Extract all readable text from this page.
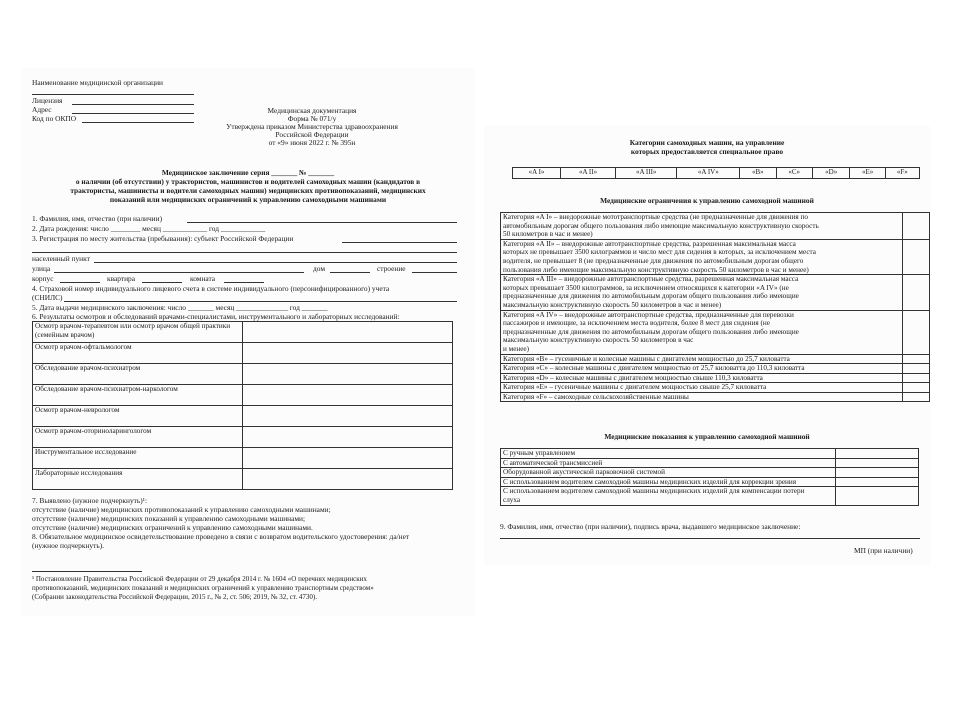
Наименование медицинской организации
Лицензия
Адрес
Код по ОКПО
Медицинская документация
Форма № 071/у
Утверждена приказом Министерства здравоохранения
Российской Федерации
от «9» июня 2022 г. № 395н
Медицинское заключение серия _______ № _______
о наличии (об отсутствии) у трактористов, машинистов и водителей самоходных машин (кандидатов в
трактористы, машинисты и водители самоходных машин) медицинских противопоказаний, медицинских
показаний или медицинских ограничений к управлению самоходными машинами
1. Фамилия, имя, отчество (при наличии)
2. Дата рождения: число ________ месяц ____________ год ____________
3. Регистрация по месту жительства (пребывания): субъект Российской Федерации
населенный пункт
улица	дом	строение
корпус	квартира	комната
4. Страховой номер индивидуального лицевого счета в системе индивидуального (персонифицированного) учета
(СНИЛС)
5. Дата выдачи медицинского заключения: число _______ месяц ______________ год _______
6. Результаты осмотров и обследований врачами-специалистами, инструментального и лабораторных исследований:
Осмотр врачом-терапевтом или осмотр врачом общей практики (семейным врачом)	
Осмотр врачом-офтальмологом	
Обследование врачом-психиатром	
Обследование врачом-психиатром-наркологом	
Осмотр врачом-неврологом	
Осмотр врачом-оториноларингологом	
Инструментальное исследование	
Лабораторные исследования	
7. Выявлено (нужное подчеркнуть)¹:
отсутствие (наличие) медицинских противопоказаний к управлению самоходными машинами;
отсутствие (наличие) медицинских показаний к управлению самоходными машинами;
отсутствие (наличие) медицинских ограничений к управлению самоходными машинами.
8. Обязательное медицинское освидетельствование проведено в связи с возвратом водительского удостоверения: да/нет
(нужное подчеркнуть).
¹ Постановление Правительства Российской Федерации от 29 декабря 2014 г. № 1604 «О перечнях медицинских
противопоказаний, медицинских показаний и медицинских ограничений к управлению транспортным средством»
(Собрании законодательства Российской Федерации, 2015 г., № 2, ст. 506; 2019, № 32, ст. 4730).
Категории самоходных машин, на управление
которых предоставляется специальное право
«A I»	«A II»	«A III»	«A IV»	«B»	«C»	«D»	«E»	«F»
Медицинские ограничения к управлению самоходной машиной
Категория «A I» – внедорожные мототранспортные средства (не предназначенные для движения по
автомобильным дорогам общего пользования либо имеющие максимальную конструктивную скорость
50 километров в час и менее)	

Категория «A II» – внедорожные автотранспортные средства, разрешенная максимальная масса
которых не превышает 3500 килограммов и число мест для сидения в которых, за исключением места
водителя, не превышает 8 (не предназначенные для движения по автомобильным дорогам общего
пользования либо имеющие максимальную конструктивную скорость 50 километров в час и менее)	

Категория «A III» – внедорожные автотранспортные средства, разрешенная максимальная масса
которых превышает 3500 килограммов, за исключением относящихся к категории «A IV» (не
предназначенные для движения по автомобильным дорогам общего пользования либо имеющие
максимальную конструктивную скорость 50 километров в час и менее)	

Категория «A IV» – внедорожные автотранспортные средства, предназначенные для перевозки
пассажиров и имеющие, за исключением места водителя, более 8 мест для сидения (не
предназначенные для движения по автомобильным дорогам общего пользования либо имеющие
максимальную конструктивную скорость 50 километров в час
и менее)	

Категория «B» – гусеничные и колесные машины с двигателем мощностью до 25,7 киловатта	
Категория «C» – колесные машины с двигателем мощностью от 25,7 киловатта до 110,3 киловатта	
Категория «D» – колесные машины с двигателем мощностью свыше 110,3 киловатта	
Категория «E» – гусеничные машины с двигателем мощностью свыше 25,7 киловатта	
Категория «F» – самоходные сельскохозяйственные машины	
Медицинские показания к управлению самоходной машиной
С ручным управлением	
С автоматической трансмиссией	
Оборудованной акустической парковочной системой	
С использованием водителем самоходной машины медицинских изделий для коррекции зрения	

С использованием водителем самоходной машины медицинских изделий для компенсации потери
слуха	

9. Фамилия, имя, отчество (при наличии), подпись врача, выдавшего медицинское заключение:
МП (при наличии)
